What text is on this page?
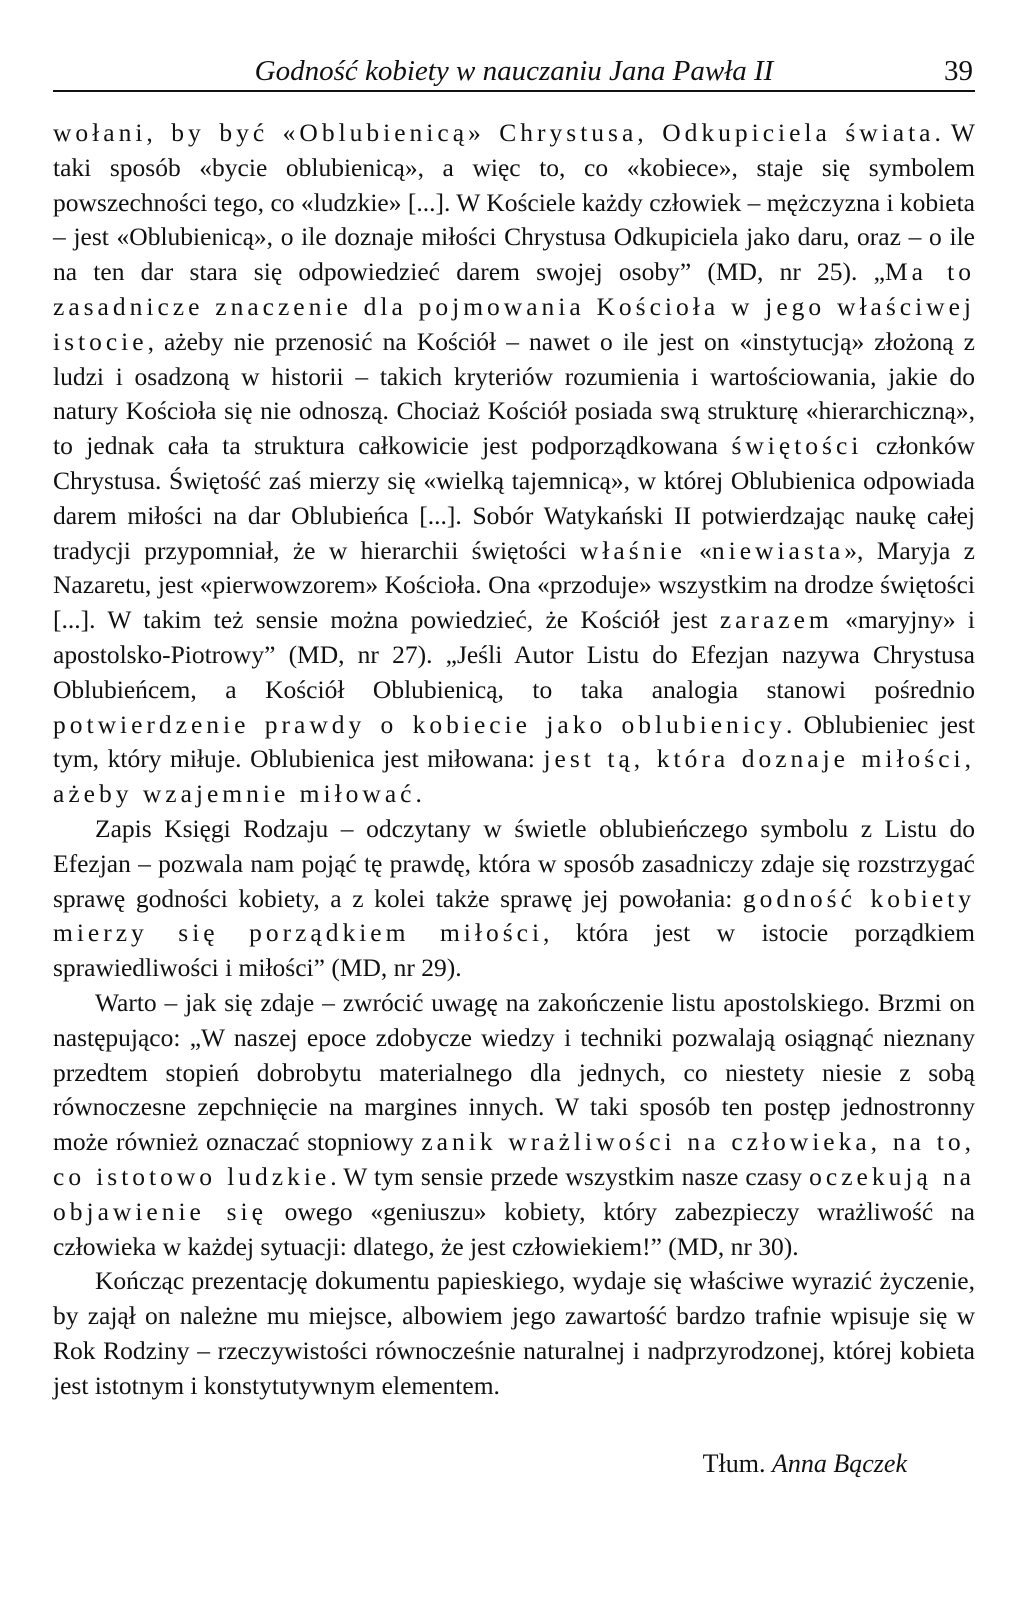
Godność kobiety w nauczaniu Jana Pawła II	39

wołani, by być «Oblubienicą» Chrystusa, Odkupiciela świata. W taki sposób «bycie oblubienicą», a więc to, co «kobiece», staje się symbolem powszechności tego, co «ludzkie» [...]. W Kościele każdy człowiek – mężczyzna i kobieta – jest «Oblubienicą», o ile doznaje miłości Chrystusa Odkupiciela jako daru, oraz – o ile na ten dar stara się odpowiedzieć darem swojej osoby” (MD, nr 25). „Ma to zasadnicze znaczenie dla pojmowania Kościoła w jego właściwej istocie, ażeby nie przenosić na Kościół – nawet o ile jest on «instytucją» złożoną z ludzi i osadzoną w historii – takich kryteriów rozumienia i wartościowania, jakie do natury Kościoła się nie odnoszą. Chociaż Kościół posiada swą strukturę «hierarchiczną», to jednak cała ta struktura całkowicie jest podporządkowana świętości członków Chrystusa. Świętość zaś mierzy się «wielką tajemnicą», w której Oblubienica odpowiada darem miłości na dar Oblubieńca [...]. Sobór Watykański II potwierdzając naukę całej tradycji przypomniał, że w hierarchii świętości właśnie «niewiasta», Maryja z Nazaretu, jest «pierwowzorem» Kościoła. Ona «przoduje» wszystkim na drodze świętości [...]. W takim też sensie można powiedzieć, że Kościół jest zarazem «maryjny» i apostolsko-Piotrowy” (MD, nr 27). „Jeśli Autor Listu do Efezjan nazywa Chrystusa Oblubieńcem, a Kościół Oblubienicą, to taka analogia stanowi pośrednio potwierdzenie prawdy o kobiecie jako oblubienicy. Oblubieniec jest tym, który miłuje. Oblubienica jest miłowana: jest tą, która doznaje miłości, ażeby wzajemnie miłować.

Zapis Księgi Rodzaju – odczytany w świetle oblubieńczego symbolu z Listu do Efezjan – pozwala nam pojąć tę prawdę, która w sposób zasadniczy zdaje się rozstrzygać sprawę godności kobiety, a z kolei także sprawę jej powołania: godność kobiety mierzy się porządkiem miłości, która jest w istocie porządkiem sprawiedliwości i miłości” (MD, nr 29).

Warto – jak się zdaje – zwrócić uwagę na zakończenie listu apostolskiego. Brzmi on następująco: „W naszej epoce zdobycze wiedzy i techniki pozwalają osiągnąć nieznany przedtem stopień dobrobytu materialnego dla jednych, co niestety niesie z sobą równoczesne zepchnięcie na margines innych. W taki sposób ten postęp jednostronny może również oznaczać stopniowy zanik wrażliwości na człowieka, na to, co istotowo ludzkie. W tym sensie przede wszystkim nasze czasy oczekują na objawienie się owego «geniuszu» kobiety, który zabezpieczy wrażliwość na człowieka w każdej sytuacji: dlatego, że jest człowiekiem!” (MD, nr 30).

Kończąc prezentację dokumentu papieskiego, wydaje się właściwe wyrazić życzenie, by zajął on należne mu miejsce, albowiem jego zawartość bardzo trafnie wpisuje się w Rok Rodziny – rzeczywistości równocześnie naturalnej i nadprzyrodzonej, której kobieta jest istotnym i konstytutywnym elementem.

Tłum. Anna Bączek
